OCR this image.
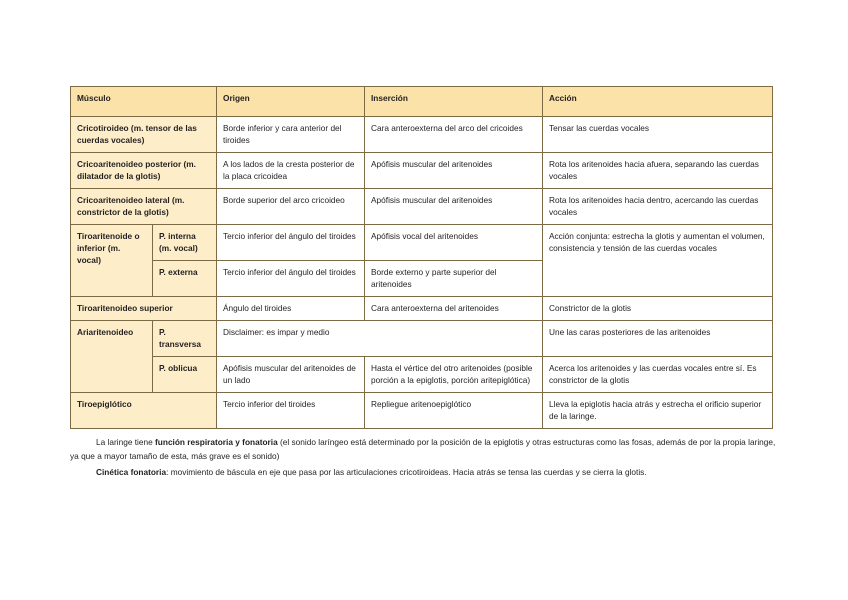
Músculo		Origen	Inserción	Acción
Cricotiroideo (m. tensor de las cuerdas vocales)		Borde inferior y cara anterior del tiroides	Cara anteroexterna del arco del cricoides	Tensar las cuerdas vocales
Cricoaritenoideo posterior (m. dilatador de la glotis)		A los lados de la cresta posterior de la placa cricoidea	Apófisis muscular del aritenoides	Rota los aritenoides hacia afuera, separando las cuerdas vocales
Cricoaritenoideo lateral (m. constrictor de la glotis)		Borde superior del arco cricoideo	Apófisis muscular del aritenoides	Rota los aritenoides hacia dentro, acercando las cuerdas vocales
Tiroaritenoide o inferior (m. vocal)	P. interna (m. vocal)	Tercio inferior del ángulo del tiroides	Apófisis vocal del aritenoides	Acción conjunta: estrecha la glotis y aumentan el volumen, consistencia y tensión de las cuerdas vocales
	P. externa	Tercio inferior del ángulo del tiroides	Borde externo y parte superior del aritenoides	
Tiroaritenoideo superior		Ángulo del tiroides	Cara anteroexterna del aritenoides	Constrictor de la glotis
Ariaritenoideo	P. transversa	Disclaimer: es impar y medio		Une las caras posteriores de las aritenoides
	P. oblicua	Apófisis muscular del aritenoides de un lado	Hasta el vértice del otro aritenoides (posible porción a la epiglotis, porción aritepiglótica)	Acerca los aritenoides y las cuerdas vocales entre sí. Es constrictor de la glotis
Tiroepiglótico		Tercio inferior del tiroides	Repliegue aritenoepiglótico	Lleva la epiglotis hacia atrás y estrecha el orificio superior de la laringe.

La laringe tiene función respiratoria y fonatoria (el sonido laríngeo está determinado por la posición de la epiglotis y otras estructuras como las fosas, además de por la propia laringe, ya que a mayor tamaño de esta, más grave es el sonido)

Cinética fonatoria: movimiento de báscula en eje que pasa por las articulaciones cricotiroideas. Hacia atrás se tensa las cuerdas y se cierra la glotis.
